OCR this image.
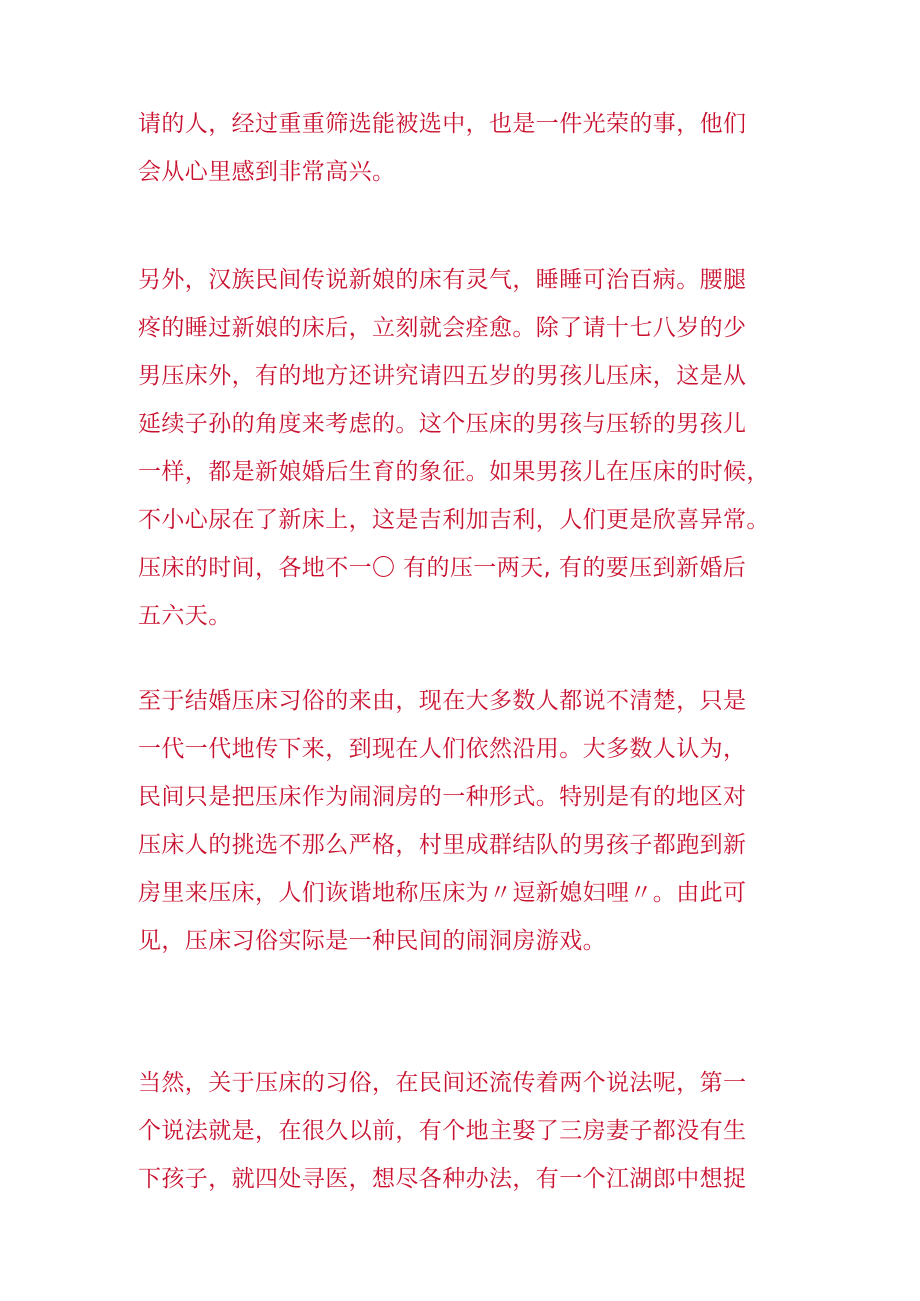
请的人，经过重重筛选能被选中，也是一件光荣的事，他们
会从心里感到非常高兴。
另外，汉族民间传说新娘的床有灵气，睡睡可治百病。腰腿
疼的睡过新娘的床后，立刻就会痊愈。除了请十七八岁的少
男压床外，有的地方还讲究请四五岁的男孩儿压床，这是从
延续子孙的角度来考虑的。这个压床的男孩与压轿的男孩儿
一样，都是新娘婚后生育的象征。如果男孩儿在压床的时候，
不小心尿在了新床上，这是吉利加吉利，人们更是欣喜异常。
压床的时间，各地不一〇 有的压一两天, 有的要压到新婚后
五六天。
至于结婚压床习俗的来由，现在大多数人都说不清楚，只是
一代一代地传下来，到现在人们依然沿用。大多数人认为，
民间只是把压床作为闹洞房的一种形式。特别是有的地区对
压床人的挑选不那么严格，村里成群结队的男孩子都跑到新
房里来压床，人们诙谐地称压床为〃逗新媳妇哩〃。由此可
见，压床习俗实际是一种民间的闹洞房游戏。
当然，关于压床的习俗，在民间还流传着两个说法呢，第一
个说法就是，在很久以前，有个地主娶了三房妻子都没有生
下孩子，就四处寻医，想尽各种办法，有一个江湖郎中想捉
